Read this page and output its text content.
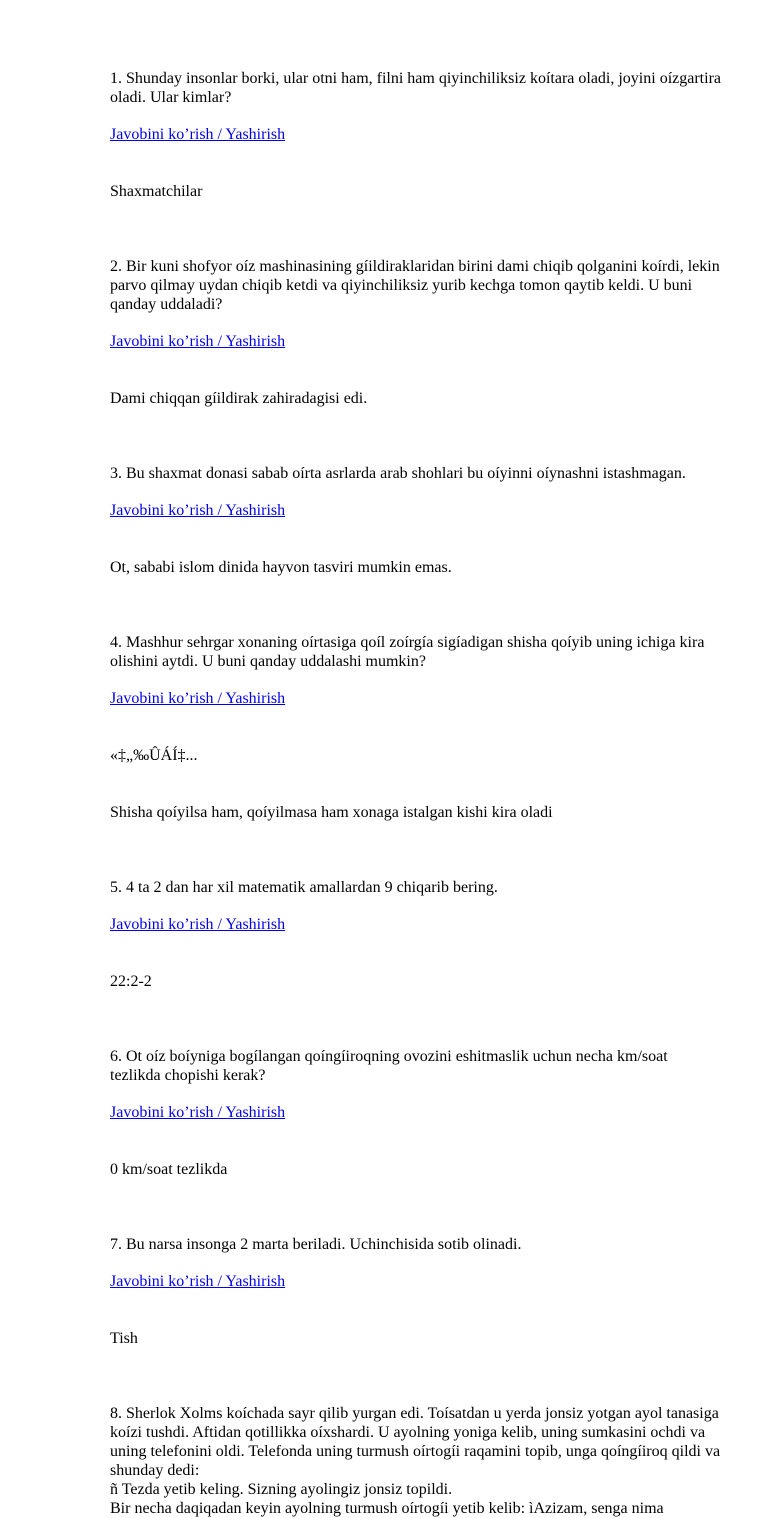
1. Shunday insonlar borki, ular otni ham, filni ham qiyinchiliksiz koítara oladi, joyini oízgartira oladi. Ular kimlar?

Javobini ko’rish / Yashirish

Shaxmatchilar

2. Bir kuni shofyor oíz mashinasining gíildiraklaridan birini dami chiqib qolganini koírdi, lekin parvo qilmay uydan chiqib ketdi va qiyinchiliksiz yurib kechga tomon qaytib keldi. U buni qanday uddaladi?

Javobini ko’rish / Yashirish

Dami chiqqan gíildirak zahiradagisi edi.

3. Bu shaxmat donasi sabab oírta asrlarda arab shohlari bu oíyinni oíynashni istashmagan.

Javobini ko’rish / Yashirish

Ot, sababi islom dinida hayvon tasviri mumkin emas.

4. Mashhur sehrgar xonaning oírtasiga qoíl zoírgía sigíadigan shisha qoíyib uning ichiga kira olishini aytdi. U buni qanday uddalashi mumkin?

Javobini ko’rish / Yashirish

«‡„‰ÛÁÍ‡...

Shisha qoíyilsa ham, qoíyilmasa ham xonaga istalgan kishi kira oladi

5. 4 ta 2 dan har xil matematik amallardan 9 chiqarib bering.

Javobini ko’rish / Yashirish

22:2-2

6. Ot oíz boíyniga bogílangan qoíngíiroqning ovozini eshitmaslik uchun necha km/soat tezlikda chopishi kerak?

Javobini ko’rish / Yashirish

0 km/soat tezlikda

7. Bu narsa insonga 2 marta beriladi. Uchinchisida sotib olinadi.

Javobini ko’rish / Yashirish

Tish

8. Sherlok Xolms koíchada sayr qilib yurgan edi. Toísatdan u yerda jonsiz yotgan ayol tanasiga koízi tushdi. Aftidan qotillikka oíxshardi. U ayolning yoniga kelib, uning sumkasini ochdi va uning telefonini oldi. Telefonda uning turmush oírtogíi raqamini topib, unga qoíngíiroq qildi va shunday dedi:
ñ Tezda yetib keling. Sizning ayolingiz jonsiz topildi.
Bir necha daqiqadan keyin ayolning turmush oírtogíi yetib kelib: ìAzizam, senga nima
